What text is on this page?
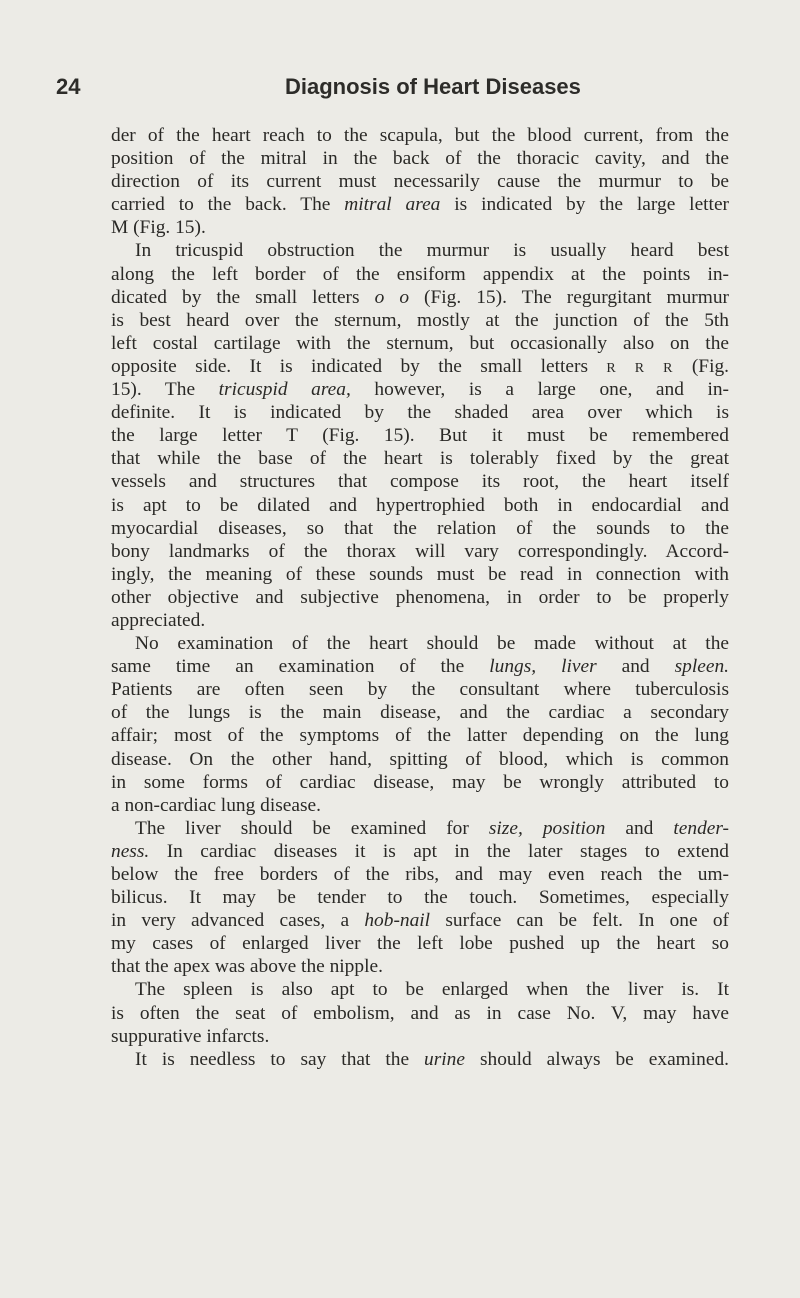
24	Diagnosis of Heart Diseases
der of the heart reach to the scapula, but the blood current, from the
position of the mitral in the back of the thoracic cavity, and the
direction of its current must necessarily cause the murmur to be
carried to the back. The mitral area is indicated by the large letter
M (Fig. 15).
In tricuspid obstruction the murmur is usually heard best
along the left border of the ensiform appendix at the points in-
dicated by the small letters o o (Fig. 15). The regurgitant murmur
is best heard over the sternum, mostly at the junction of the 5th
left costal cartilage with the sternum, but occasionally also on the
opposite side. It is indicated by the small letters R R R (Fig.
15). The tricuspid area, however, is a large one, and in-
definite. It is indicated by the shaded area over which is
the large letter T (Fig. 15). But it must be remembered
that while the base of the heart is tolerably fixed by the great
vessels and structures that compose its root, the heart itself
is apt to be dilated and hypertrophied both in endocardial and
myocardial diseases, so that the relation of the sounds to the
bony landmarks of the thorax will vary correspondingly. Accord-
ingly, the meaning of these sounds must be read in connection with
other objective and subjective phenomena, in order to be properly
appreciated.
No examination of the heart should be made without at the
same time an examination of the lungs, liver and spleen.
Patients are often seen by the consultant where tuberculosis
of the lungs is the main disease, and the cardiac a secondary
affair; most of the symptoms of the latter depending on the lung
disease. On the other hand, spitting of blood, which is common
in some forms of cardiac disease, may be wrongly attributed to
a non-cardiac lung disease.
The liver should be examined for size, position and tender-
ness. In cardiac diseases it is apt in the later stages to extend
below the free borders of the ribs, and may even reach the um-
bilicus. It may be tender to the touch. Sometimes, especially
in very advanced cases, a hob-nail surface can be felt. In one of
my cases of enlarged liver the left lobe pushed up the heart so
that the apex was above the nipple.
The spleen is also apt to be enlarged when the liver is. It
is often the seat of embolism, and as in case No. V, may have
suppurative infarcts.
It is needless to say that the urine should always be examined.
